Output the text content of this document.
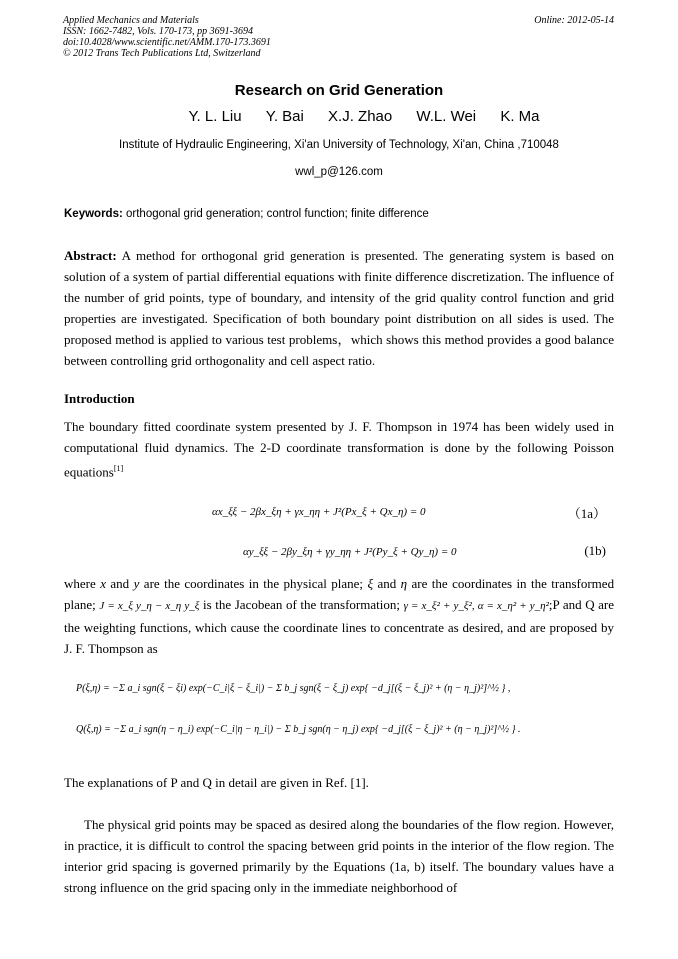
Applied Mechanics and Materials
ISSN: 1662-7482, Vols. 170-173, pp 3691-3694
doi:10.4028/www.scientific.net/AMM.170-173.3691
© 2012 Trans Tech Publications Ltd, Switzerland
Online: 2012-05-14
Research on Grid Generation
Y. L. Liu Y. Bai X.J. Zhao W.L. Wei K. Ma
Institute of Hydraulic Engineering, Xi'an University of Technology, Xi'an, China ,710048
wwl_p@126.com
Keywords: orthogonal grid generation; control function; finite difference
Abstract: A method for orthogonal grid generation is presented. The generating system is based on solution of a system of partial differential equations with finite difference discretization. The influence of the number of grid points, type of boundary, and intensity of the grid quality control function and grid properties are investigated. Specification of both boundary point distribution on all sides is used. The proposed method is applied to various test problems，which shows this method provides a good balance between controlling grid orthogonality and cell aspect ratio.
Introduction
The boundary fitted coordinate system presented by J. F. Thompson in 1974 has been widely used in computational fluid dynamics. The 2-D coordinate transformation is done by the following Poisson equations[1]
αx_ξξ − 2βx_ξη + γx_ηη + J²(Px_ξ + Qx_η) = 0	（1a）
αy_ξξ − 2βy_ξη + γy_ηη + J²(Py_ξ + Qy_η) = 0	(1b)
where x and y are the coordinates in the physical plane; ξ and η are the coordinates in the transformed plane; J = x_ξ y_η − x_η y_ξ is the Jacobean of the transformation; γ = x_ξ² + y_ξ², α = x_η² + y_η²;P and Q are the weighting functions, which cause the coordinate lines to concentrate as desired, and are proposed by J. F. Thompson as
P(ξ,η) = −Σ a_i sgn(ξ − ξi) exp(−C_i|ξ − ξ_i|) − Σ b_j sgn(ξ − ξ_j) exp{ −d_j[(ξ − ξ_j)² + (η − η_j)²]^½ } ,
Q(ξ,η) = −Σ a_i sgn(η − η_i) exp(−C_i|η − η_i|) − Σ b_j sgn(η − η_j) exp{ −d_j[(ξ − ξ_j)² + (η − η_j)²]^½ } .
The explanations of P and Q in detail are given in Ref. [1].
The physical grid points may be spaced as desired along the boundaries of the flow region. However, in practice, it is difficult to control the spacing between grid points in the interior of the flow region. The interior grid spacing is governed primarily by the Equations (1a, b) itself. The boundary values have a strong influence on the grid spacing only in the immediate neighborhood of
